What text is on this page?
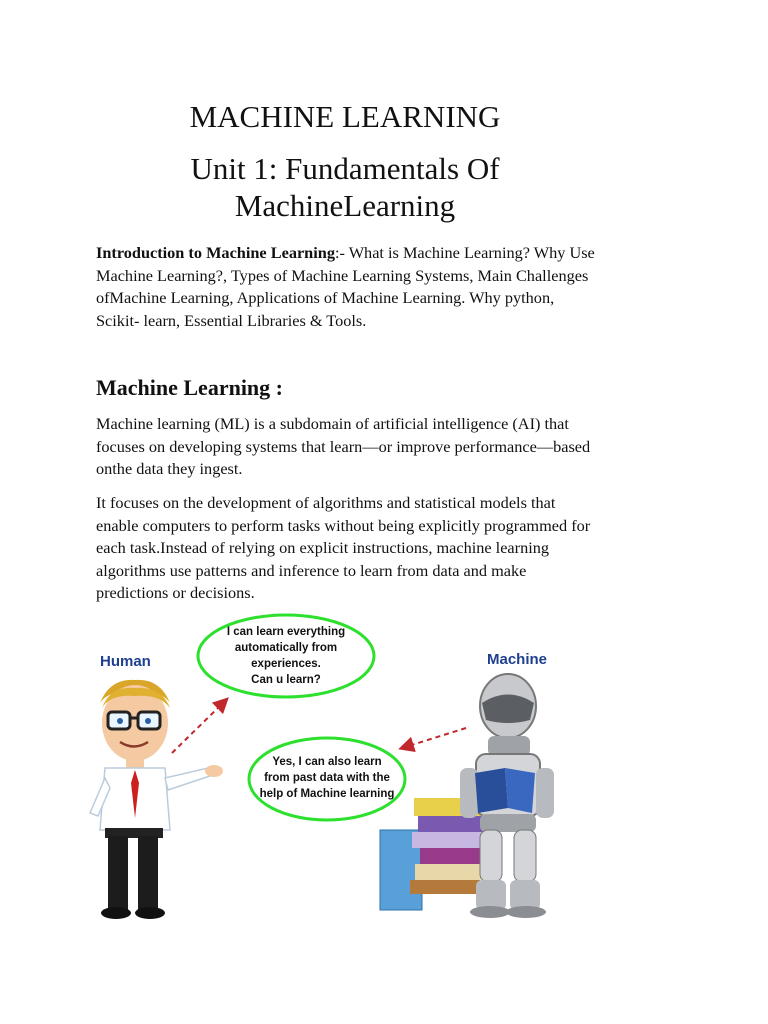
MACHINE LEARNING
Unit 1: Fundamentals Of
MachineLearning

Introduction to Machine Learning:- What is Machine Learning? Why Use Machine Learning?, Types of Machine Learning Systems, Main Challenges ofMachine Learning, Applications of Machine Learning. Why python, Scikit- learn, Essential Libraries & Tools.

Machine Learning :

Machine learning (ML) is a subdomain of artificial intelligence (AI) that focuses on developing systems that learn—or improve performance—based onthe data they ingest.

It focuses on the development of algorithms and statistical models that enable computers to perform tasks without being explicitly programmed for each task.Instead of relying on explicit instructions, machine learning algorithms use patterns and inference to learn from data and make predictions or decisions.

Human	Machine
I can learn everything
automatically from
experiences.
Can u learn?
Yes, I can also learn
from past data with the
help of Machine learning
